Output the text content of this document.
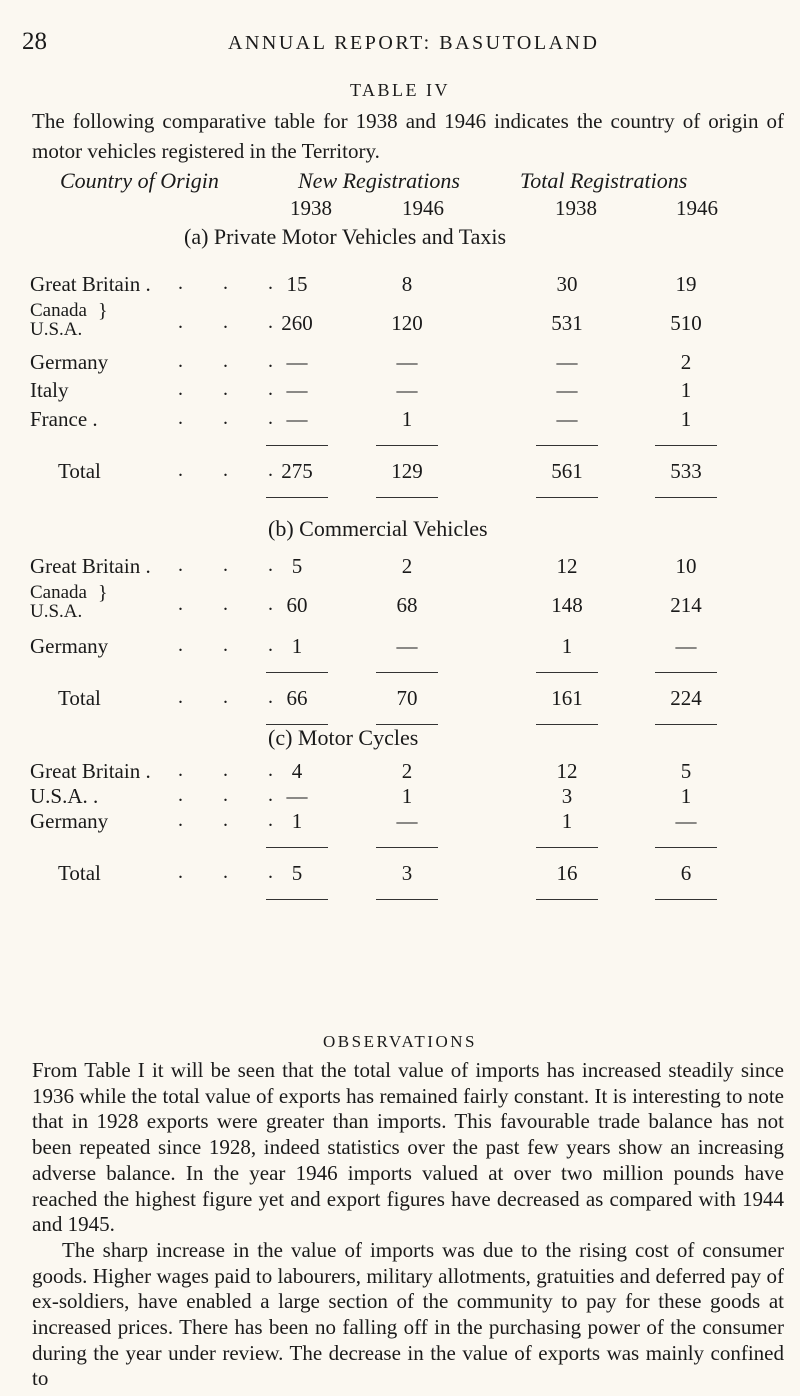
28	ANNUAL REPORT: BASUTOLAND
TABLE IV
The following comparative table for 1938 and 1946 indicates the country of origin of motor vehicles registered in the Territory.
Country of Origin	New Registrations	Total Registrations
1938	1946	1938	1946
(a) Private Motor Vehicles and Taxis
Great Britain . .  .  . 15	8	30	19
Canada
U.S.A.
}	.  .  . 260	120	531	510
Germany	.  .  . —	—	—	2
Italy	.  .  . —	—	—	1
France .	.  .  . —	1	—	1
Total	.  .  . 275	129	561	533
(b) Commercial Vehicles
Great Britain . .  .  . 5	2	12	10
Canada
U.S.A.
}	.  .  . 60	68	148	214
Germany	.  .  . 1	—	1	—
Total	.  .  . 66	70	161	224
(c) Motor Cycles
Great Britain . .  .  . 4	2	12	5
U.S.A. .	.  .  . —	1	3	1
Germany	.  .  . 1	—	1	—
Total	.  .  . 5	3	16	6
OBSERVATIONS

From Table I it will be seen that the total value of imports has increased steadily since 1936 while the total value of exports has remained fairly constant. It is interesting to note that in 1928 exports were greater than imports. This favourable trade balance has not been repeated since 1928, indeed statistics over the past few years show an increasing adverse balance. In the year 1946 imports valued at over two million pounds have reached the highest figure yet and export figures have decreased as compared with 1944 and 1945.

The sharp increase in the value of imports was due to the rising cost of consumer goods. Higher wages paid to labourers, military allotments, gratuities and deferred pay of ex-soldiers, have enabled a large section of the community to pay for these goods at increased prices. There has been no falling off in the purchasing power of the consumer during the year under review. The decrease in the value of exports was mainly confined to
